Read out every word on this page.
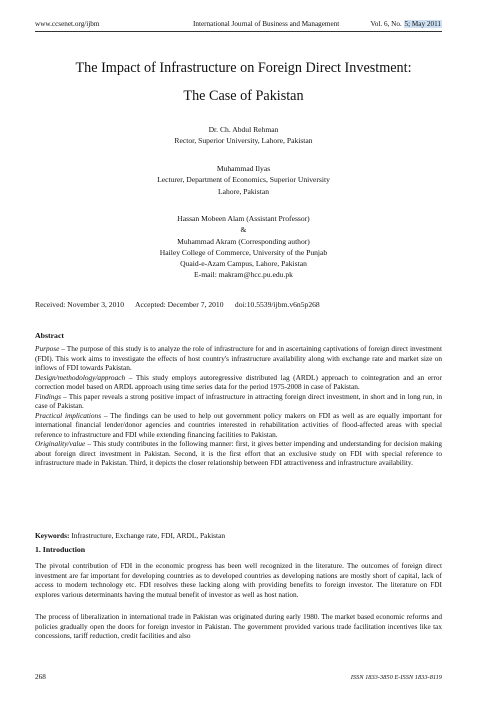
www.ccsenet.org/ijbm	International Journal of Business and Management	Vol. 6, No. 5; May 2011
The Impact of Infrastructure on Foreign Direct Investment:
The Case of Pakistan
Dr. Ch. Abdul Rehman
Rector, Superior University, Lahore, Pakistan
Muhammad Ilyas
Lecturer, Department of Economics, Superior University
Lahore, Pakistan
Hassan Mobeen Alam (Assistant Professor)
&
Muhammad Akram (Corresponding author)
Hailey College of Commerce, University of the Punjab
Quaid-e-Azam Campus, Lahore, Pakistan
E-mail: makram@hcc.pu.edu.pk
Received: November 3, 2010      Accepted: December 7, 2010      doi:10.5539/ijbm.v6n5p268
Abstract

Purpose – The purpose of this study is to analyze the role of infrastructure for and in ascertaining captivations of foreign direct investment (FDI). This work aims to investigate the effects of host country's infrastructure availability along with exchange rate and market size on inflows of FDI towards Pakistan.

Design/methodology/approach – This study employs autoregressive distributed lag (ARDL) approach to cointegration and an error correction model based on ARDL approach using time series data for the period 1975-2008 in case of Pakistan.

Findings – This paper reveals a strong positive impact of infrastructure in attracting foreign direct investment, in short and in long run, in case of Pakistan.

Practical implications – The findings can be used to help out government policy makers on FDI as well as are equally important for international financial lender/donor agencies and countries interested in rehabilitation activities of flood-affected areas with special reference to infrastructure and FDI while extending financing facilities to Pakistan.

Originality/value – This study contributes in the following manner: first, it gives better impending and understanding for decision making about foreign direct investment in Pakistan. Second, it is the first effort that an exclusive study on FDI with special reference to infrastructure made in Pakistan. Third, it depicts the closer relationship between FDI attractiveness and infrastructure availability.

Keywords: Infrastructure, Exchange rate, FDI, ARDL, Pakistan
1. Introduction
The pivotal contribution of FDI in the economic progress has been well recognized in the literature. The outcomes of foreign direct investment are far important for developing countries as to developed countries as developing nations are mostly short of capital, lack of access to modern technology etc. FDI resolves these lacking along with providing benefits to foreign investor. The literature on FDI explores various determinants having the mutual benefit of investor as well as host nation.
The process of liberalization in international trade in Pakistan was originated during early 1980. The market based economic reforms and policies gradually open the doors for foreign investor in Pakistan. The government provided various trade facilitation incentives like tax concessions, tariff reduction, credit facilities and also
268	ISSN 1833-3850 E-ISSN 1833-8119
